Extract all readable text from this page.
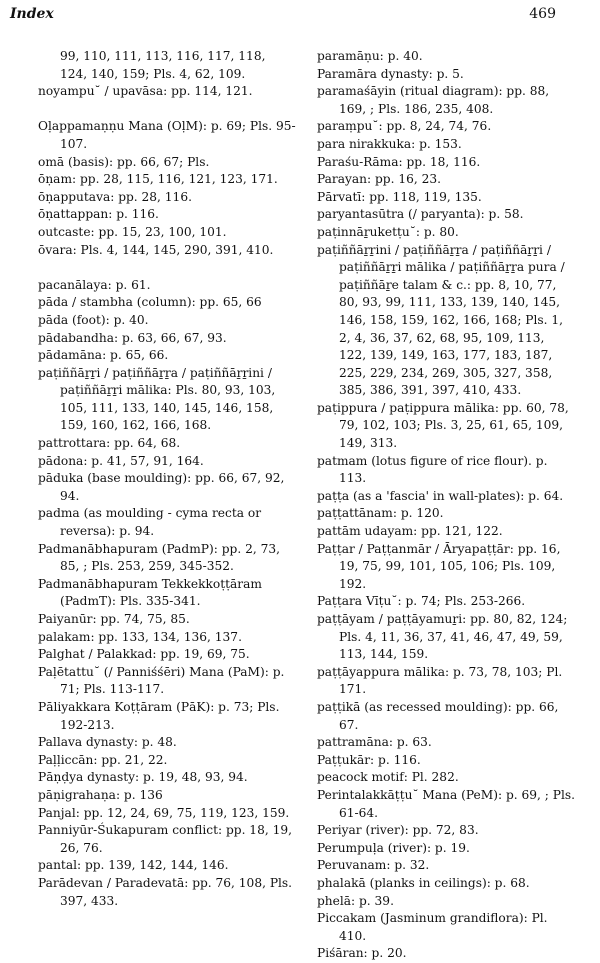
Index	469

99, 110, 111, 113, 116, 117, 118, 124, 140, 159; Pls. 4, 62, 109.

noyampu˘ / upavāsa: pp. 114, 121.

Oḷappamaṇṇu Mana (OḷM): p. 69; Pls. 95-107.

omā (basis): pp. 66, 67; Pls.

ōṇam: pp. 28, 115, 116, 121, 123, 171.

ōṇapputava: pp. 28, 116.

ōṇattappan: p. 116.

outcaste: pp. 15, 23, 100, 101.

ōvara: Pls. 4, 144, 145, 290, 391, 410.

pacanālaya: p. 61.

pāda / stambha (column): pp. 65, 66

pāda (foot): p. 40.

pādabandha: p. 63, 66, 67, 93.

pādamāna: p. 65, 66.

paṭiññāṟṟi / paṭiññāṟṟa / paṭiññāṟṟini / paṭiññāṟṟi mālika: Pls. 80, 93, 103, 105, 111, 133, 140, 145, 146, 158, 159, 160, 162, 166, 168.

pattrottara: pp. 64, 68.

pādona: p. 41, 57, 91, 164.

pāduka (base moulding): pp. 66, 67, 92, 94.

padma (as moulding - cyma recta or reversa): p. 94.

Padmanābhapuram (PadmP): pp. 2, 73, 85, ; Pls. 253, 259, 345-352.

Padmanābhapuram Tekkekkoṭṭāram (PadmT): Pls. 335-341.

Paiyanūr: pp. 74, 75, 85.

palakam: pp. 133, 134, 136, 137.

Palghat / Palakkad: pp. 19, 69, 75.

Paḷētattu˘ (/ Panniśśēri) Mana (PaM): p. 71; Pls. 113-117.

Pāliyakkara Koṭṭāram (PāK): p. 73; Pls. 192-213.

Pallava dynasty: p. 48.

Paḷḷiccān: pp. 21, 22.

Pāṇḍya dynasty: p. 19, 48, 93, 94.

pāṇigrahaṇa: p. 136

Panjal: pp. 12, 24, 69, 75, 119, 123, 159.

Panniyūr-Śukapuram conflict: pp. 18, 19, 26, 76.

pantal: pp. 139, 142, 144, 146.

Parādevan / Paradevatā: pp. 76, 108, Pls. 397, 433.

paramāṇu: p. 40.

Paramāra dynasty: p. 5.

paramaśāyin (ritual diagram): pp. 88, 169, ; Pls. 186, 235, 408.

paraṃpu˘: pp. 8, 24, 74, 76.

para nirakkuka: p. 153.

Paraśu-Rāma: pp. 18, 116.

Parayan: pp. 16, 23.

Pārvatī: pp. 118, 119, 135.

paryantasūtra (/ paryanta): p. 58.

paṭinnāṟuketṭu˘: p. 80.

paṭiññāṟṟini / paṭiññāṟṟa / paṭiññāṟṟi / paṭiññāṟṟi mālika / paṭiññāṟṟa pura / paṭiññāṟe talam & c.: pp. 8, 10, 77, 80, 93, 99, 111, 133, 139, 140, 145, 146, 158, 159, 162, 166, 168; Pls. 1, 2, 4, 36, 37, 62, 68, 95, 109, 113, 122, 139, 149, 163, 177, 183, 187, 225, 229, 234, 269, 305, 327, 358, 385, 386, 391, 397, 410, 433.

paṭippura / paṭippura mālika: pp. 60, 78, 79, 102, 103; Pls. 3, 25, 61, 65, 109, 149, 313.

patmam (lotus figure of rice flour). p. 113.

paṭṭa (as a 'fascia' in wall-plates): p. 64.

paṭṭattānam: p. 120.

pattām udayam: pp. 121, 122.

Paṭṭar / Paṭṭanmār / Āryapaṭṭār: pp. 16, 19, 75, 99, 101, 105, 106; Pls. 109, 192.

Paṭṭara Vīṭu˘: p. 74; Pls. 253-266.

paṭṭāyam / paṭṭāyamuṟi: pp. 80, 82, 124; Pls. 4, 11, 36, 37, 41, 46, 47, 49, 59, 113, 144, 159.

paṭṭāyappura mālika: p. 73, 78, 103; Pl. 171.

paṭṭikā (as recessed moulding): pp. 66, 67.

pattramāna: p. 63.

Paṭṭukār: p. 116.

peacock motif: Pl. 282.

Perintalakkāṭṭu˘ Mana (PeM): p. 69, ; Pls. 61-64.

Periyar (river): pp. 72, 83.

Perumpuḷa (river): p. 19.

Peruvanam: p. 32.

phalakā (planks in ceilings): p. 68.

phelā: p. 39.

Piccakam (Jasminum grandiflora): Pl. 410.

Piśāran: p. 20.
